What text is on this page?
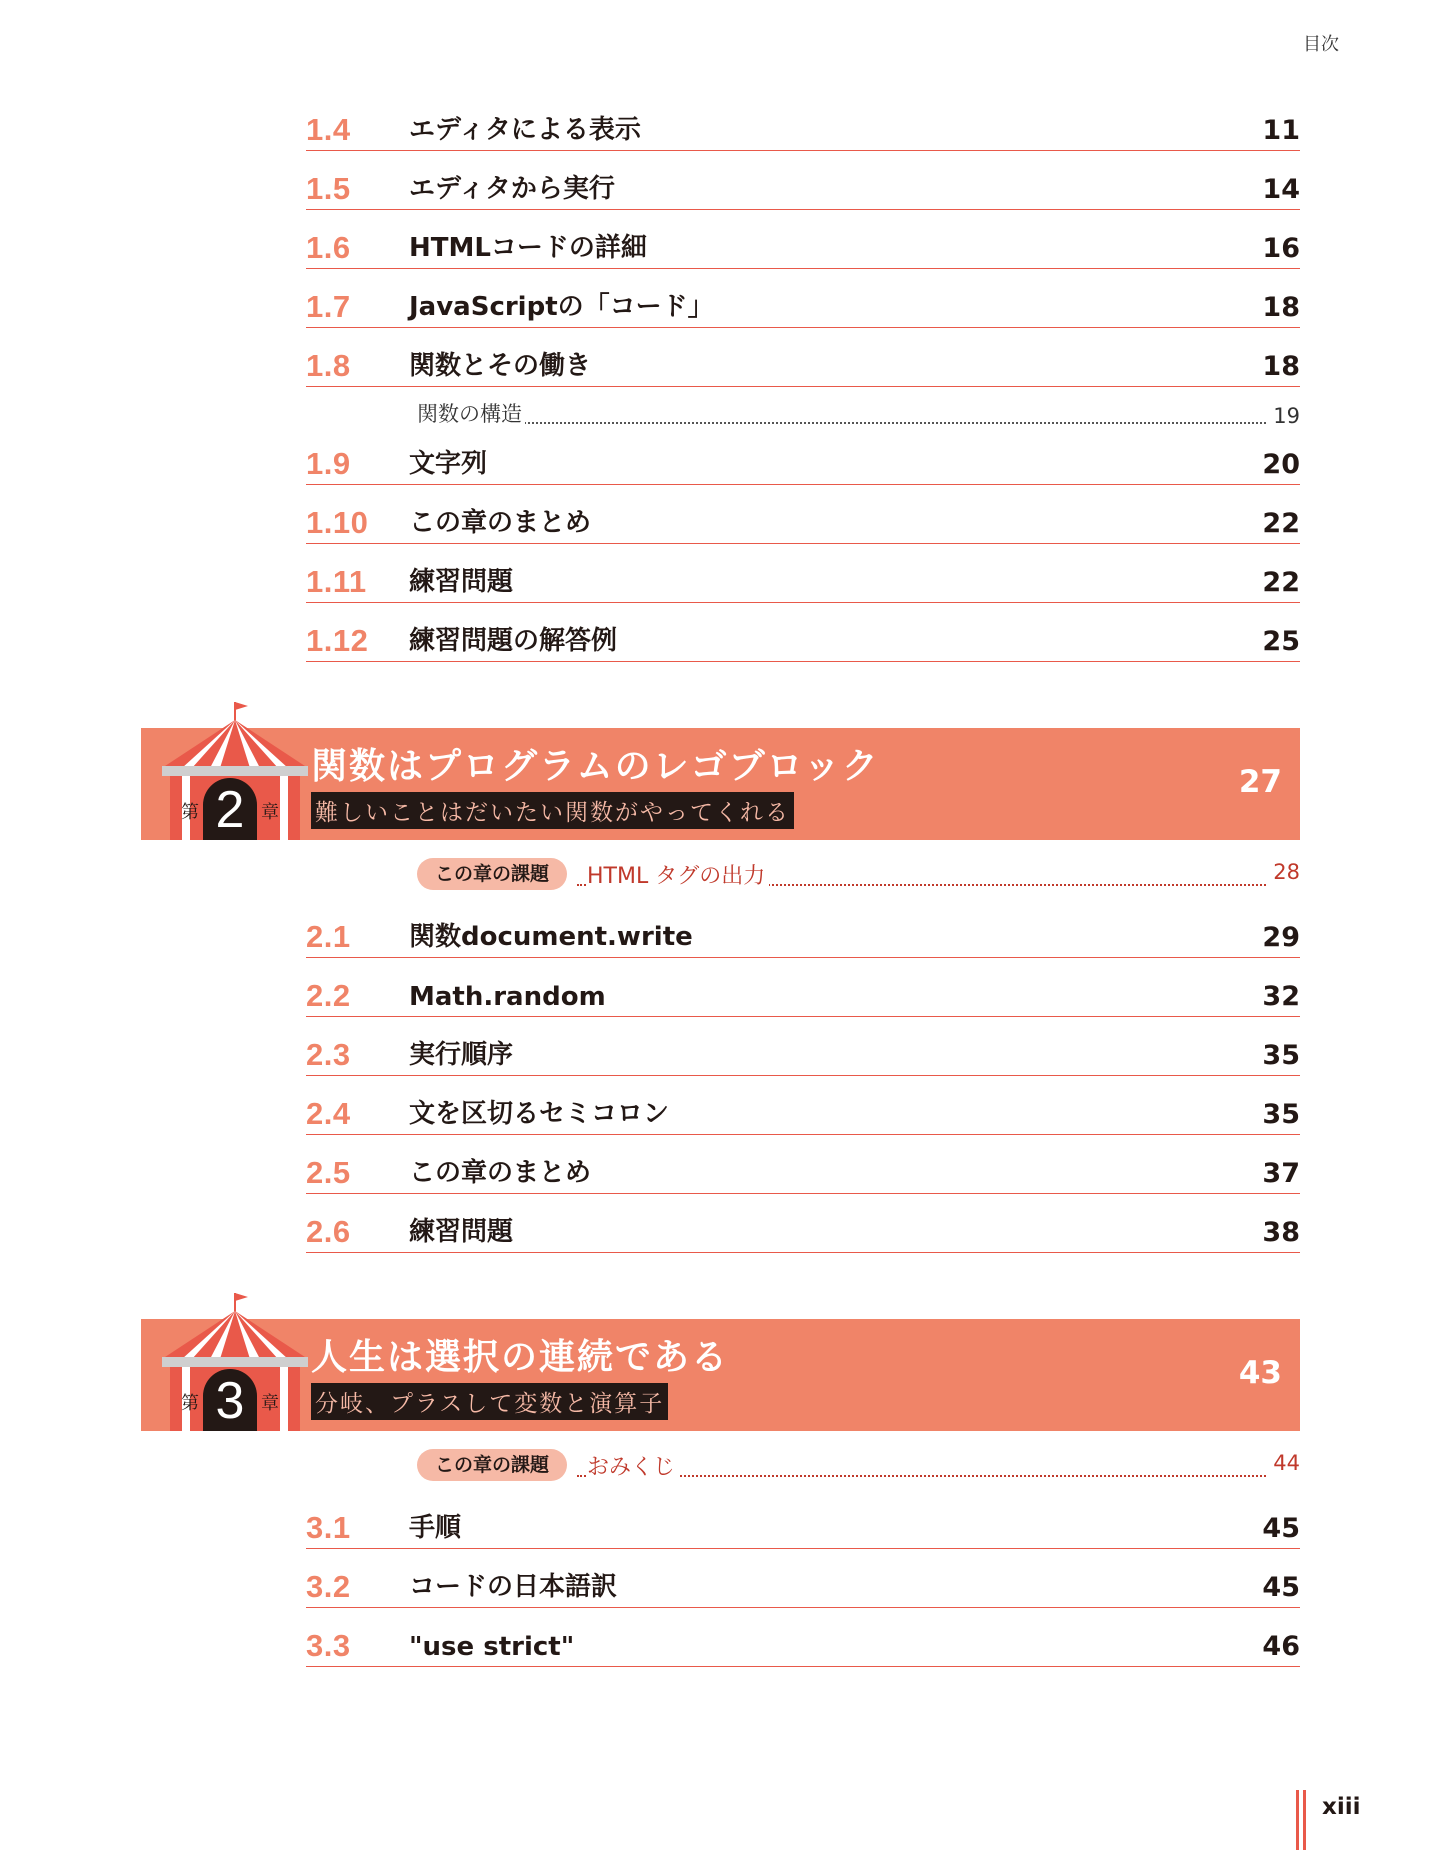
目次
1.4 エディタによる表示	11
1.5 エディタから実行	14
1.6 HTMLコードの詳細	16
1.7 JavaScriptの「コード」	18
1.8 関数とその働き	18
関数の構造	19
1.9 文字列	20
1.10 この章のまとめ	22
1.11 練習問題	22
1.12 練習問題の解答例	25
第 2 章
関数はプログラムのレゴブロック
難しいことはだいたい関数がやってくれる
27
この章の課題	HTML タグの出力	28
2.1 関数document.write	29
2.2 Math.random	32
2.3 実行順序	35
2.4 文を区切るセミコロン	35
2.5 この章のまとめ	37
2.6 練習問題	38
第 3 章
人生は選択の連続である
分岐、プラスして変数と演算子
43
この章の課題	おみくじ	44
3.1 手順	45
3.2 コードの日本語訳	45
3.3 "use strict"	46
xiii
